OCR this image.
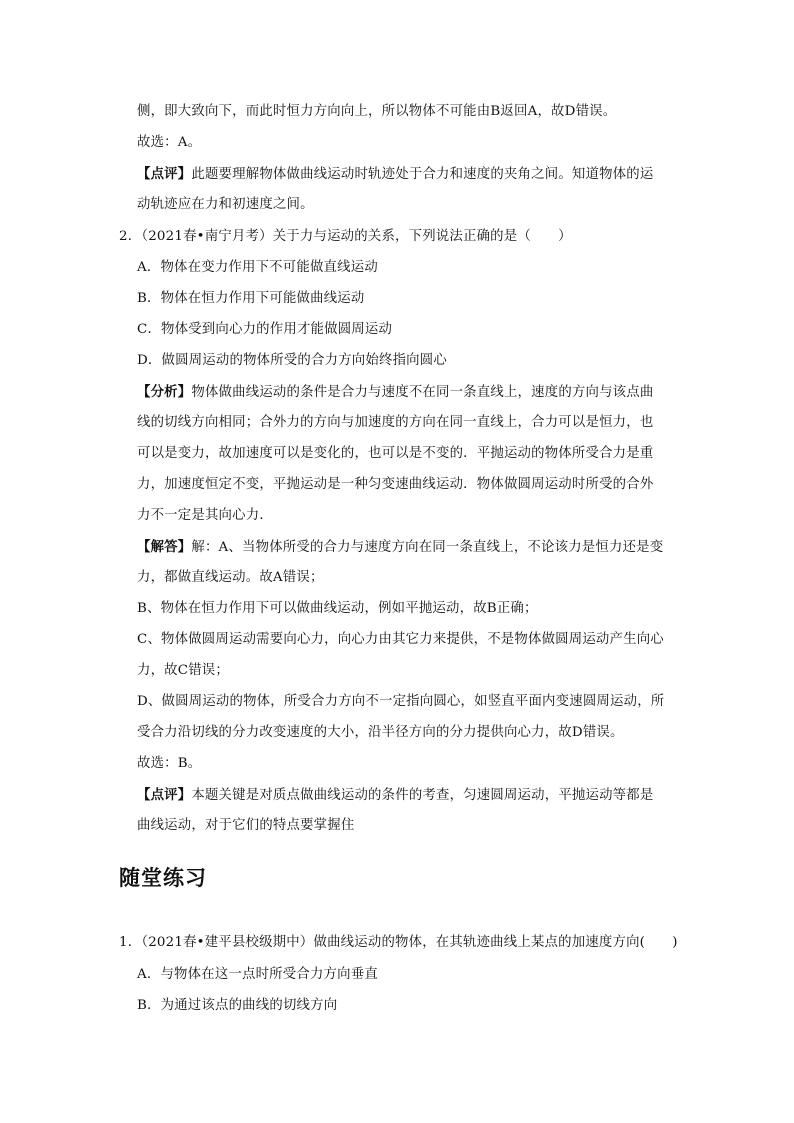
侧，即大致向下，而此时恒力方向向上，所以物体不可能由B返回A，故D错误。
故选：A。
【点评】此题要理解物体做曲线运动时轨迹处于合力和速度的夹角之间。知道物体的运
动轨迹应在力和初速度之间。
2．（2021春•南宁月考）关于力与运动的关系，下列说法正确的是（　　）
A．物体在变力作用下不可能做直线运动
B．物体在恒力作用下可能做曲线运动
C．物体受到向心力的作用才能做圆周运动
D．做圆周运动的物体所受的合力方向始终指向圆心
【分析】物体做曲线运动的条件是合力与速度不在同一条直线上，速度的方向与该点曲
线的切线方向相同；合外力的方向与加速度的方向在同一直线上，合力可以是恒力，也
可以是变力，故加速度可以是变化的，也可以是不变的．平抛运动的物体所受合力是重
力，加速度恒定不变，平抛运动是一种匀变速曲线运动．物体做圆周运动时所受的合外
力不一定是其向心力．
【解答】解：A、当物体所受的合力与速度方向在同一条直线上，不论该力是恒力还是变
力，都做直线运动。故A错误；
B、物体在恒力作用下可以做曲线运动，例如平抛运动，故B正确；
C、物体做圆周运动需要向心力，向心力由其它力来提供，不是物体做圆周运动产生向心
力，故C错误；
D、做圆周运动的物体，所受合力方向不一定指向圆心，如竖直平面内变速圆周运动，所
受合力沿切线的分力改变速度的大小，沿半径方向的分力提供向心力，故D错误。
故选：B。
【点评】本题关键是对质点做曲线运动的条件的考查，匀速圆周运动，平抛运动等都是
曲线运动，对于它们的特点要掌握住
随堂练习
1．（2021春•建平县校级期中）做曲线运动的物体，在其轨迹曲线上某点的加速度方向(　　)
A．与物体在这一点时所受合力方向垂直
B．为通过该点的曲线的切线方向
